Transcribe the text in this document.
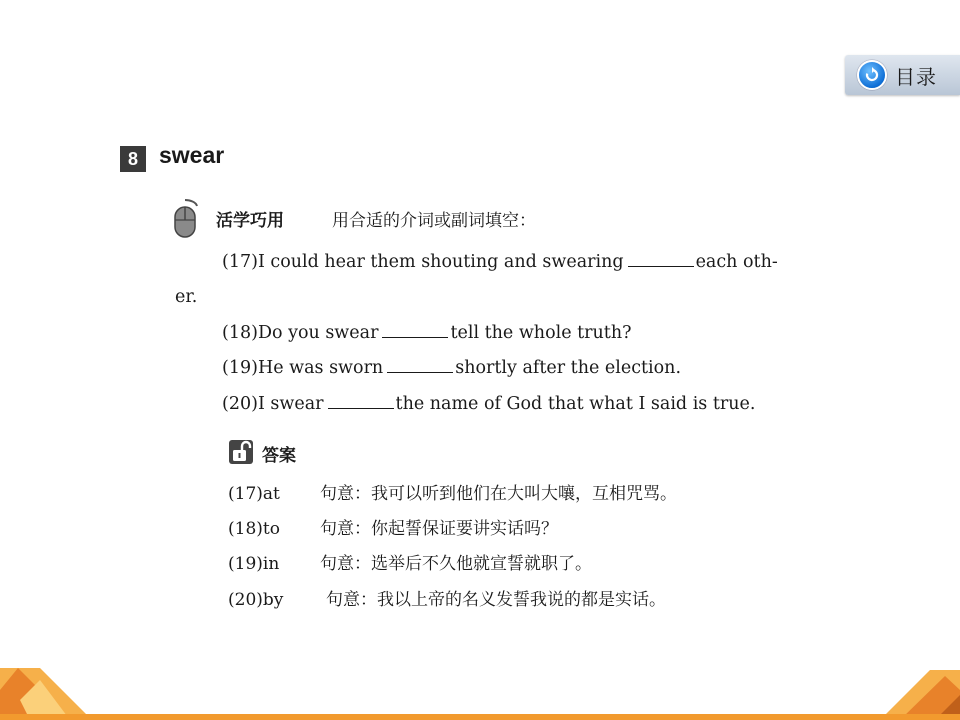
目录
8 swear
活学巧用	用合适的介词或副词填空：
(17)I could hear them shouting and swearing	each oth-
er.
(18)Do you swear	tell the whole truth?
(19)He was sworn	shortly after the election.
(20)I swear	the name of God that what I said is true.
答案
(17)at 句意：我可以听到他们在大叫大嚷，互相咒骂。
(18)to 句意：你起誓保证要讲实话吗？
(19)in 句意：选举后不久他就宣誓就职了。
(20)by	句意：我以上帝的名义发誓我说的都是实话。
